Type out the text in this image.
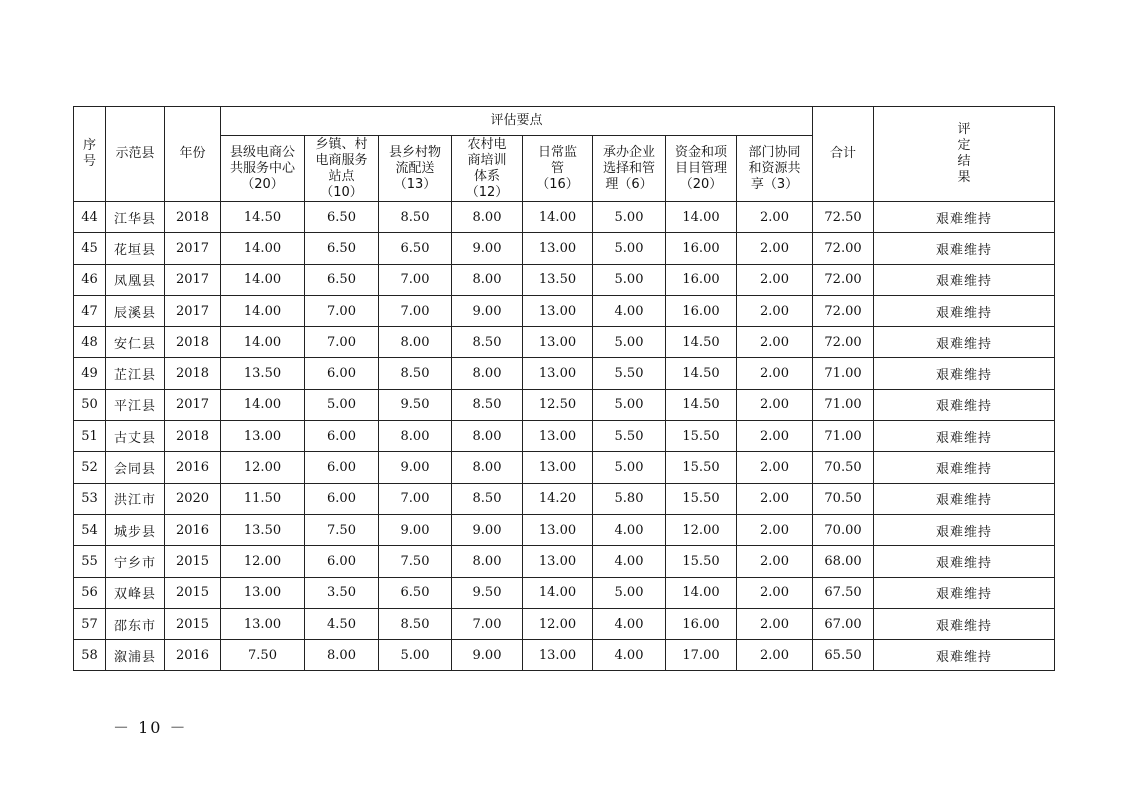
序号	示范县	年份	评估要点								合计	评定结果
			县级电商公共服务中心（20）	乡镇、村电商服务站点（10）	县乡村物流配送（13）	农村电商培训体系（12）	日常监管（16）	承办企业选择和管理（6）	资金和项目目管理（20）	部门协同和资源共享（3）		
44	江华县	2018	14.50	6.50	8.50	8.00	14.00	5.00	14.00	2.00	72.50	艰难维持
45	花垣县	2017	14.00	6.50	6.50	9.00	13.00	5.00	16.00	2.00	72.00	艰难维持
46	凤凰县	2017	14.00	6.50	7.00	8.00	13.50	5.00	16.00	2.00	72.00	艰难维持
47	辰溪县	2017	14.00	7.00	7.00	9.00	13.00	4.00	16.00	2.00	72.00	艰难维持
48	安仁县	2018	14.00	7.00	8.00	8.50	13.00	5.00	14.50	2.00	72.00	艰难维持
49	芷江县	2018	13.50	6.00	8.50	8.00	13.00	5.50	14.50	2.00	71.00	艰难维持
50	平江县	2017	14.00	5.00	9.50	8.50	12.50	5.00	14.50	2.00	71.00	艰难维持
51	古丈县	2018	13.00	6.00	8.00	8.00	13.00	5.50	15.50	2.00	71.00	艰难维持
52	会同县	2016	12.00	6.00	9.00	8.00	13.00	5.00	15.50	2.00	70.50	艰难维持
53	洪江市	2020	11.50	6.00	7.00	8.50	14.20	5.80	15.50	2.00	70.50	艰难维持
54	城步县	2016	13.50	7.50	9.00	9.00	13.00	4.00	12.00	2.00	70.00	艰难维持
55	宁乡市	2015	12.00	6.00	7.50	8.00	13.00	4.00	15.50	2.00	68.00	艰难维持
56	双峰县	2015	13.00	3.50	6.50	9.50	14.00	5.00	14.00	2.00	67.50	艰难维持
57	邵东市	2015	13.00	4.50	8.50	7.00	12.00	4.00	16.00	2.00	67.00	艰难维持
58	溆浦县	2016	7.50	8.00	5.00	9.00	13.00	4.00	17.00	2.00	65.50	艰难维持
－ 10 －
